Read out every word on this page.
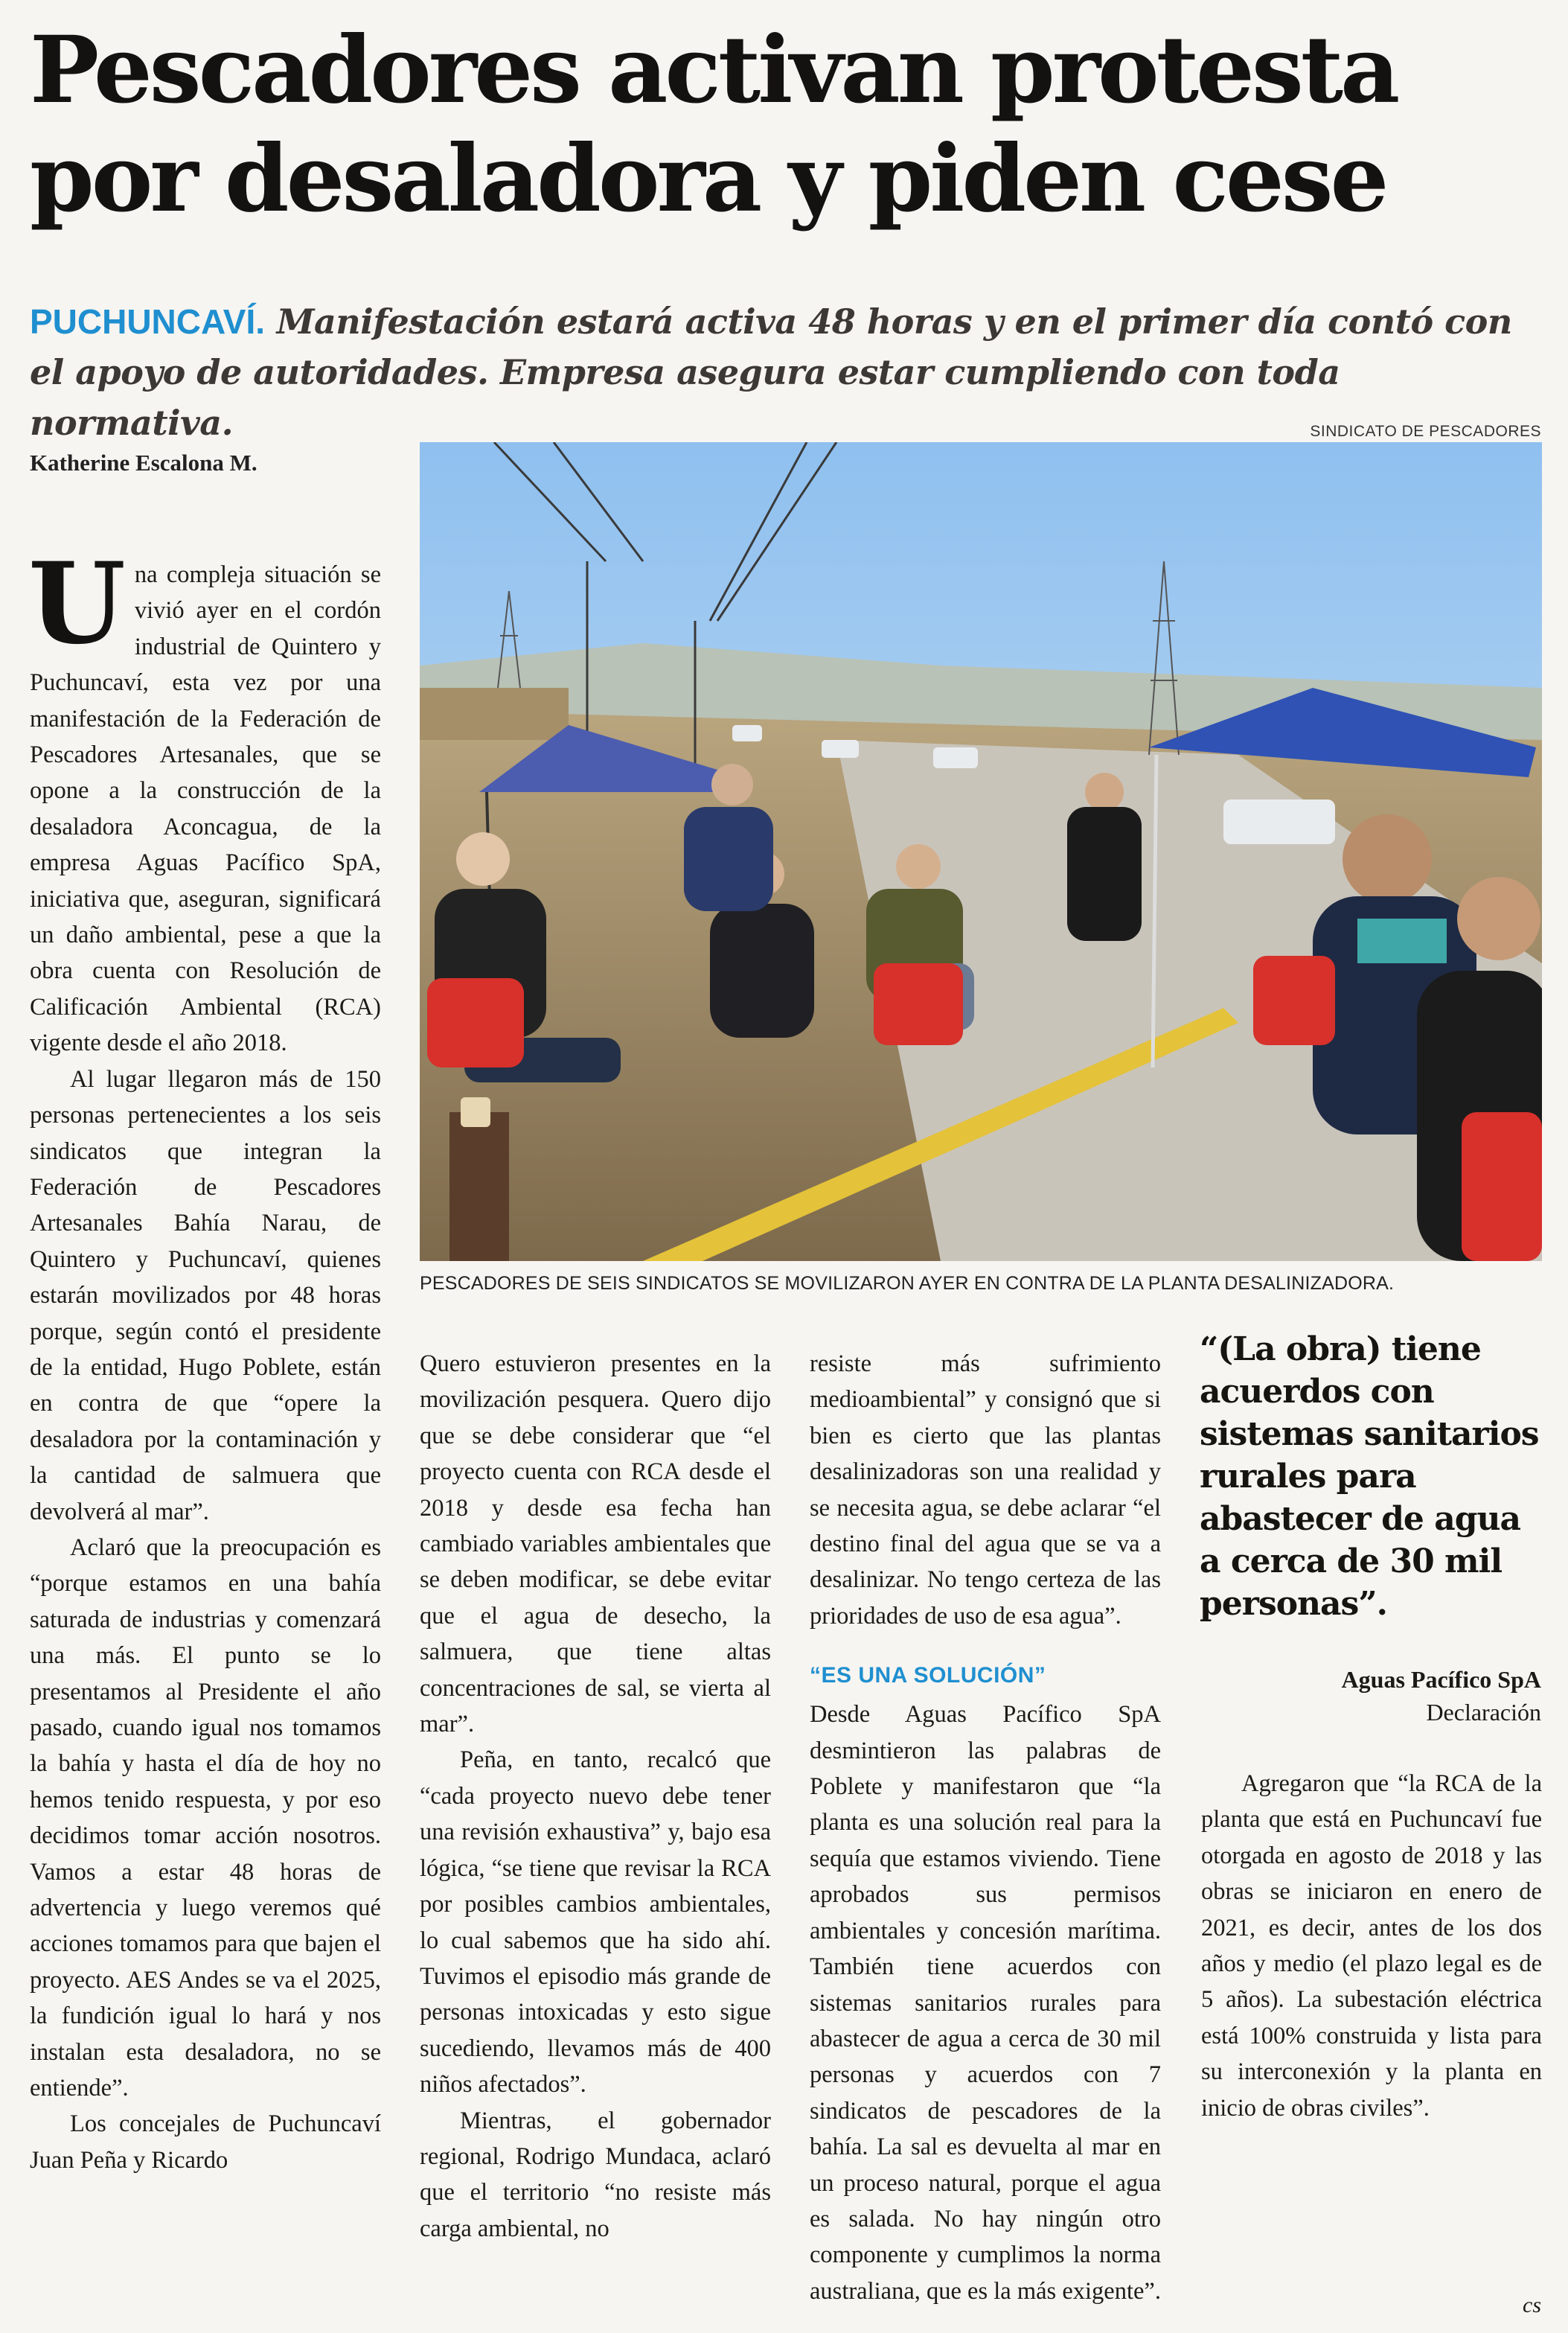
Pescadores activan protesta
por desaladora y piden cese
PUCHUNCAVÍ. Manifestación estará activa 48 horas y en el primer día contó con el apoyo de autoridades. Empresa asegura estar cumpliendo con toda normativa.
Katherine Escalona M.
SINDICATO DE PESCADORES
PESCADORES DE SEIS SINDICATOS SE MOVILIZARON AYER EN CONTRA DE LA PLANTA DESALINIZADORA.

Una compleja situación se vivió ayer en el cordón industrial de Quintero y Puchuncaví, esta vez por una manifestación de la Federación de Pescadores Artesanales, que se opone a la construcción de la desaladora Aconcagua, de la empresa Aguas Pacífico SpA, iniciativa que, aseguran, significará un daño ambiental, pese a que la obra cuenta con Resolución de Calificación Ambiental (RCA) vigente desde el año 2018.

Al lugar llegaron más de 150 personas pertenecientes a los seis sindicatos que integran la Federación de Pescadores Artesanales Bahía Narau, de Quintero y Puchuncaví, quienes estarán movilizados por 48 horas porque, según contó el presidente de la entidad, Hugo Poblete, están en contra de que “opere la desaladora por la contaminación y la cantidad de salmuera que devolverá al mar”.

Aclaró que la preocupación es “porque estamos en una bahía saturada de industrias y comenzará una más. El punto se lo presentamos al Presidente el año pasado, cuando igual nos tomamos la bahía y hasta el día de hoy no hemos tenido respuesta, y por eso decidimos tomar acción nosotros. Vamos a estar 48 horas de advertencia y luego veremos qué acciones tomamos para que bajen el proyecto. AES Andes se va el 2025, la fundición igual lo hará y nos instalan esta desaladora, no se entiende”.

Los concejales de Puchuncaví Juan Peña y Ricardo

Quero estuvieron presentes en la movilización pesquera. Quero dijo que se debe considerar que “el proyecto cuenta con RCA desde el 2018 y desde esa fecha han cambiado variables ambientales que se deben modificar, se debe evitar que el agua de desecho, la salmuera, que tiene altas concentraciones de sal, se vierta al mar”.

Peña, en tanto, recalcó que “cada proyecto nuevo debe tener una revisión exhaustiva” y, bajo esa lógica, “se tiene que revisar la RCA por posibles cambios ambientales, lo cual sabemos que ha sido ahí. Tuvimos el episodio más grande de personas intoxicadas y esto sigue sucediendo, llevamos más de 400 niños afectados”.

Mientras, el gobernador regional, Rodrigo Mundaca, aclaró que el territorio “no resiste más carga ambiental, no

resiste más sufrimiento medioambiental” y consignó que si bien es cierto que las plantas desalinizadoras son una realidad y se necesita agua, se debe aclarar “el destino final del agua que se va a desalinizar. No tengo certeza de las prioridades de uso de esa agua”.

“ES UNA SOLUCIÓN”

Desde Aguas Pacífico SpA desmintieron las palabras de Poblete y manifestaron que “la planta es una solución real para la sequía que estamos viviendo. Tiene aprobados sus permisos ambientales y concesión marítima. También tiene acuerdos con sistemas sanitarios rurales para abastecer de agua a cerca de 30 mil personas y acuerdos con 7 sindicatos de pescadores de la bahía. La sal es devuelta al mar en un proceso natural, porque el agua es salada. No hay ningún otro componente y cumplimos la norma australiana, que es la más exigente”.

“(La obra) tiene acuerdos con sistemas sanitarios rurales para abastecer de agua a cerca de 30 mil personas”.
Aguas Pacífico SpA
Declaración

Agregaron que “la RCA de la planta que está en Puchuncaví fue otorgada en agosto de 2018 y las obras se iniciaron en enero de 2021, es decir, antes de los dos años y medio (el plazo legal es de 5 años). La subestación eléctrica está 100% construida y lista para su interconexión y la planta en inicio de obras civiles”.

cs
